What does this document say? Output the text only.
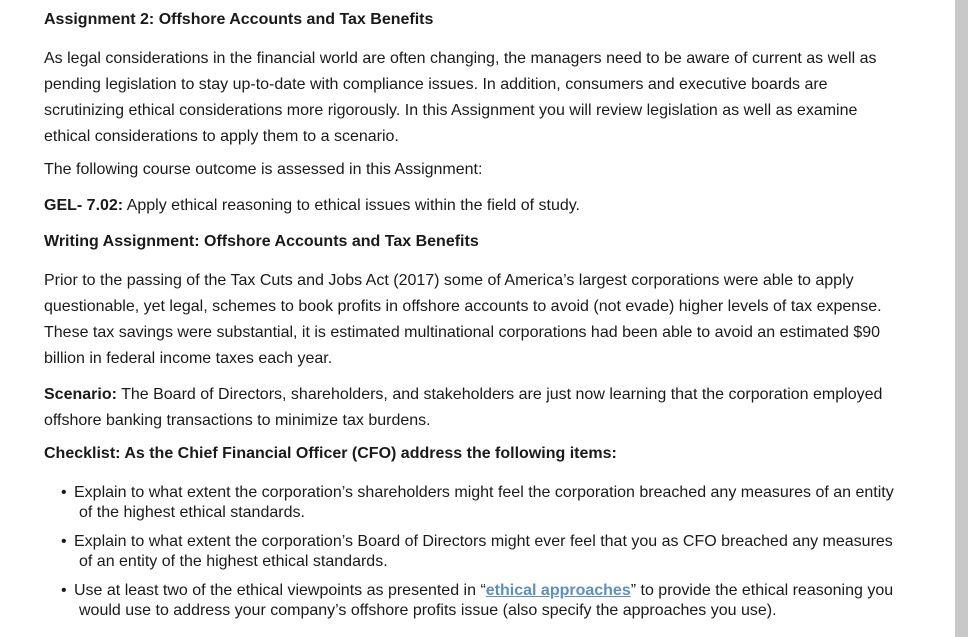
Assignment 2: Offshore Accounts and Tax Benefits

As legal considerations in the financial world are often changing, the managers need to be aware of current as well as pending legislation to stay up-to-date with compliance issues. In addition, consumers and executive boards are scrutinizing ethical considerations more rigorously. In this Assignment you will review legislation as well as examine ethical considerations to apply them to a scenario.

The following course outcome is assessed in this Assignment:

GEL- 7.02: Apply ethical reasoning to ethical issues within the field of study.

Writing Assignment: Offshore Accounts and Tax Benefits

Prior to the passing of the Tax Cuts and Jobs Act (2017) some of America’s largest corporations were able to apply questionable, yet legal, schemes to book profits in offshore accounts to avoid (not evade) higher levels of tax expense. These tax savings were substantial, it is estimated multinational corporations had been able to avoid an estimated $90 billion in federal income taxes each year.

Scenario: The Board of Directors, shareholders, and stakeholders are just now learning that the corporation employed offshore banking transactions to minimize tax burdens.

Checklist: As the Chief Financial Officer (CFO) address the following items:

• Explain to what extent the corporation’s shareholders might feel the corporation breached any measures of an entity of the highest ethical standards.
• Explain to what extent the corporation’s Board of Directors might ever feel that you as CFO breached any measures of an entity of the highest ethical standards.
• Use at least two of the ethical viewpoints as presented in “ethical approaches” to provide the ethical reasoning you would use to address your company’s offshore profits issue (also specify the approaches you use).
